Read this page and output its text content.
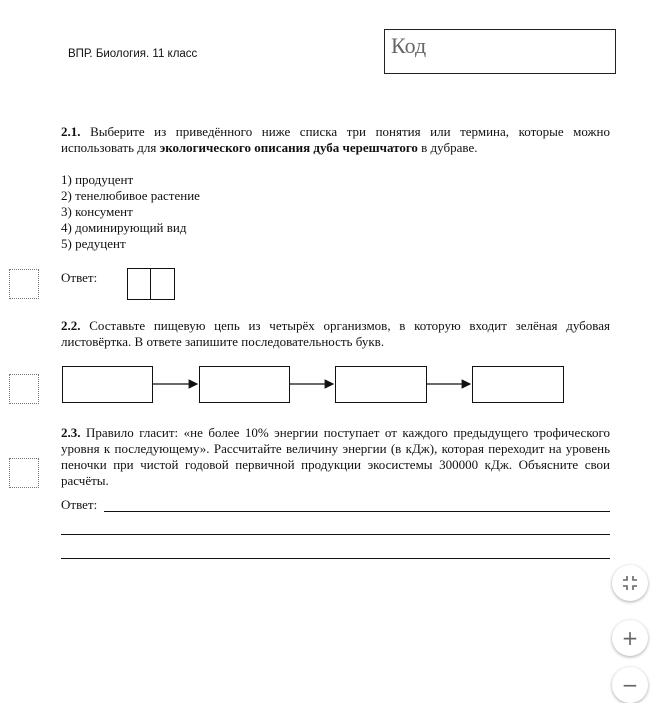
ВПР. Биология. 11 класс	Код
2.1. Выберите из приведённого ниже списка три понятия или термина, которые можно использовать для экологического описания дуба черешчатого в дубраве.
1) продуцент
2) тенелюбивое растение
3) консумент
4) доминирующий вид
5) редуцент
Ответ:
2.2. Составьте пищевую цепь из четырёх организмов, в которую входит зелёная дубовая листовёртка. В ответе запишите последовательность букв.
2.3. Правило гласит: «не более 10% энергии поступает от каждого предыдущего трофического уровня к последующему». Рассчитайте величину энергии (в кДж), которая переходит на уровень пеночки при чистой годовой первичной продукции экосистемы 300000 кДж. Объясните свои расчёты.
Ответ:
+
−
